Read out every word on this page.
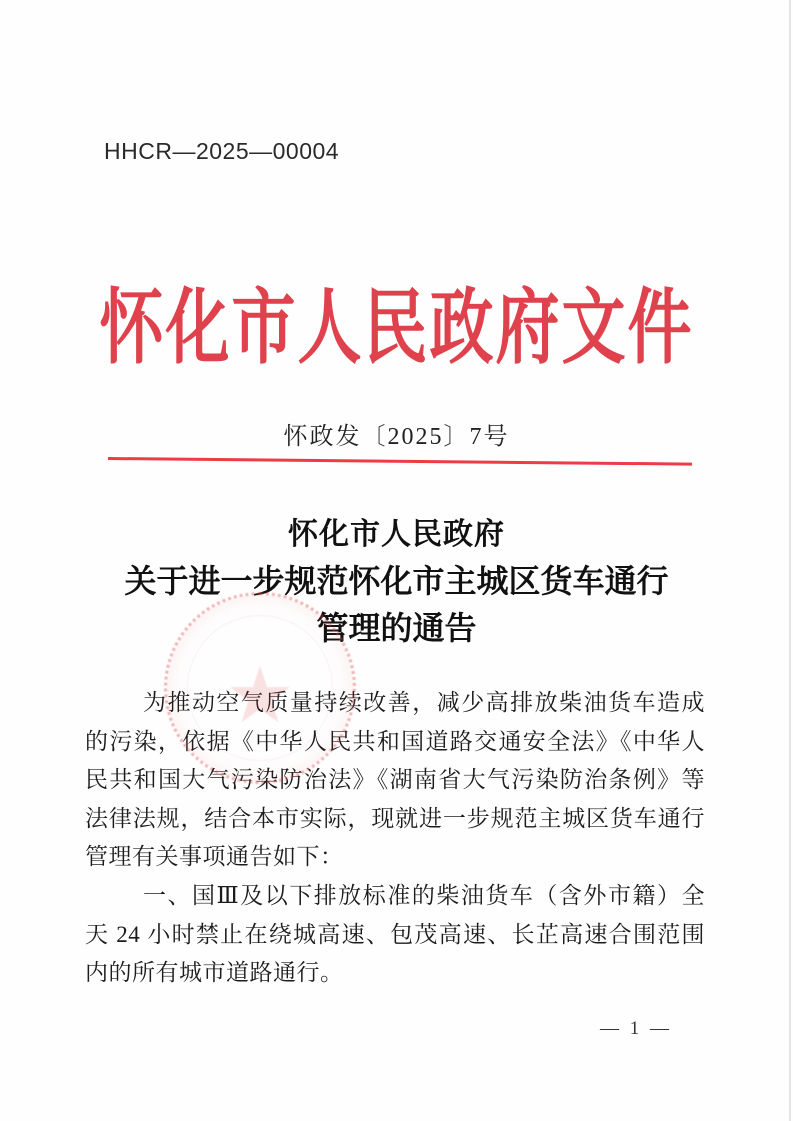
HHCR—2025—00004
怀化市人民政府文件
怀政发〔2025〕7号
怀化市人民政府
关于进一步规范怀化市主城区货车通行
管理的通告

为推动空气质量持续改善，减少高排放柴油货车造成的污染，依据《中华人民共和国道路交通安全法》《中华人民共和国大气污染防治法》《湖南省大气污染防治条例》等法律法规，结合本市实际，现就进一步规范主城区货车通行管理有关事项通告如下：

一、国Ⅲ及以下排放标准的柴油货车（含外市籍）全天 24 小时禁止在绕城高速、包茂高速、长芷高速合围范围内的所有城市道路通行。

★
— 1 —
